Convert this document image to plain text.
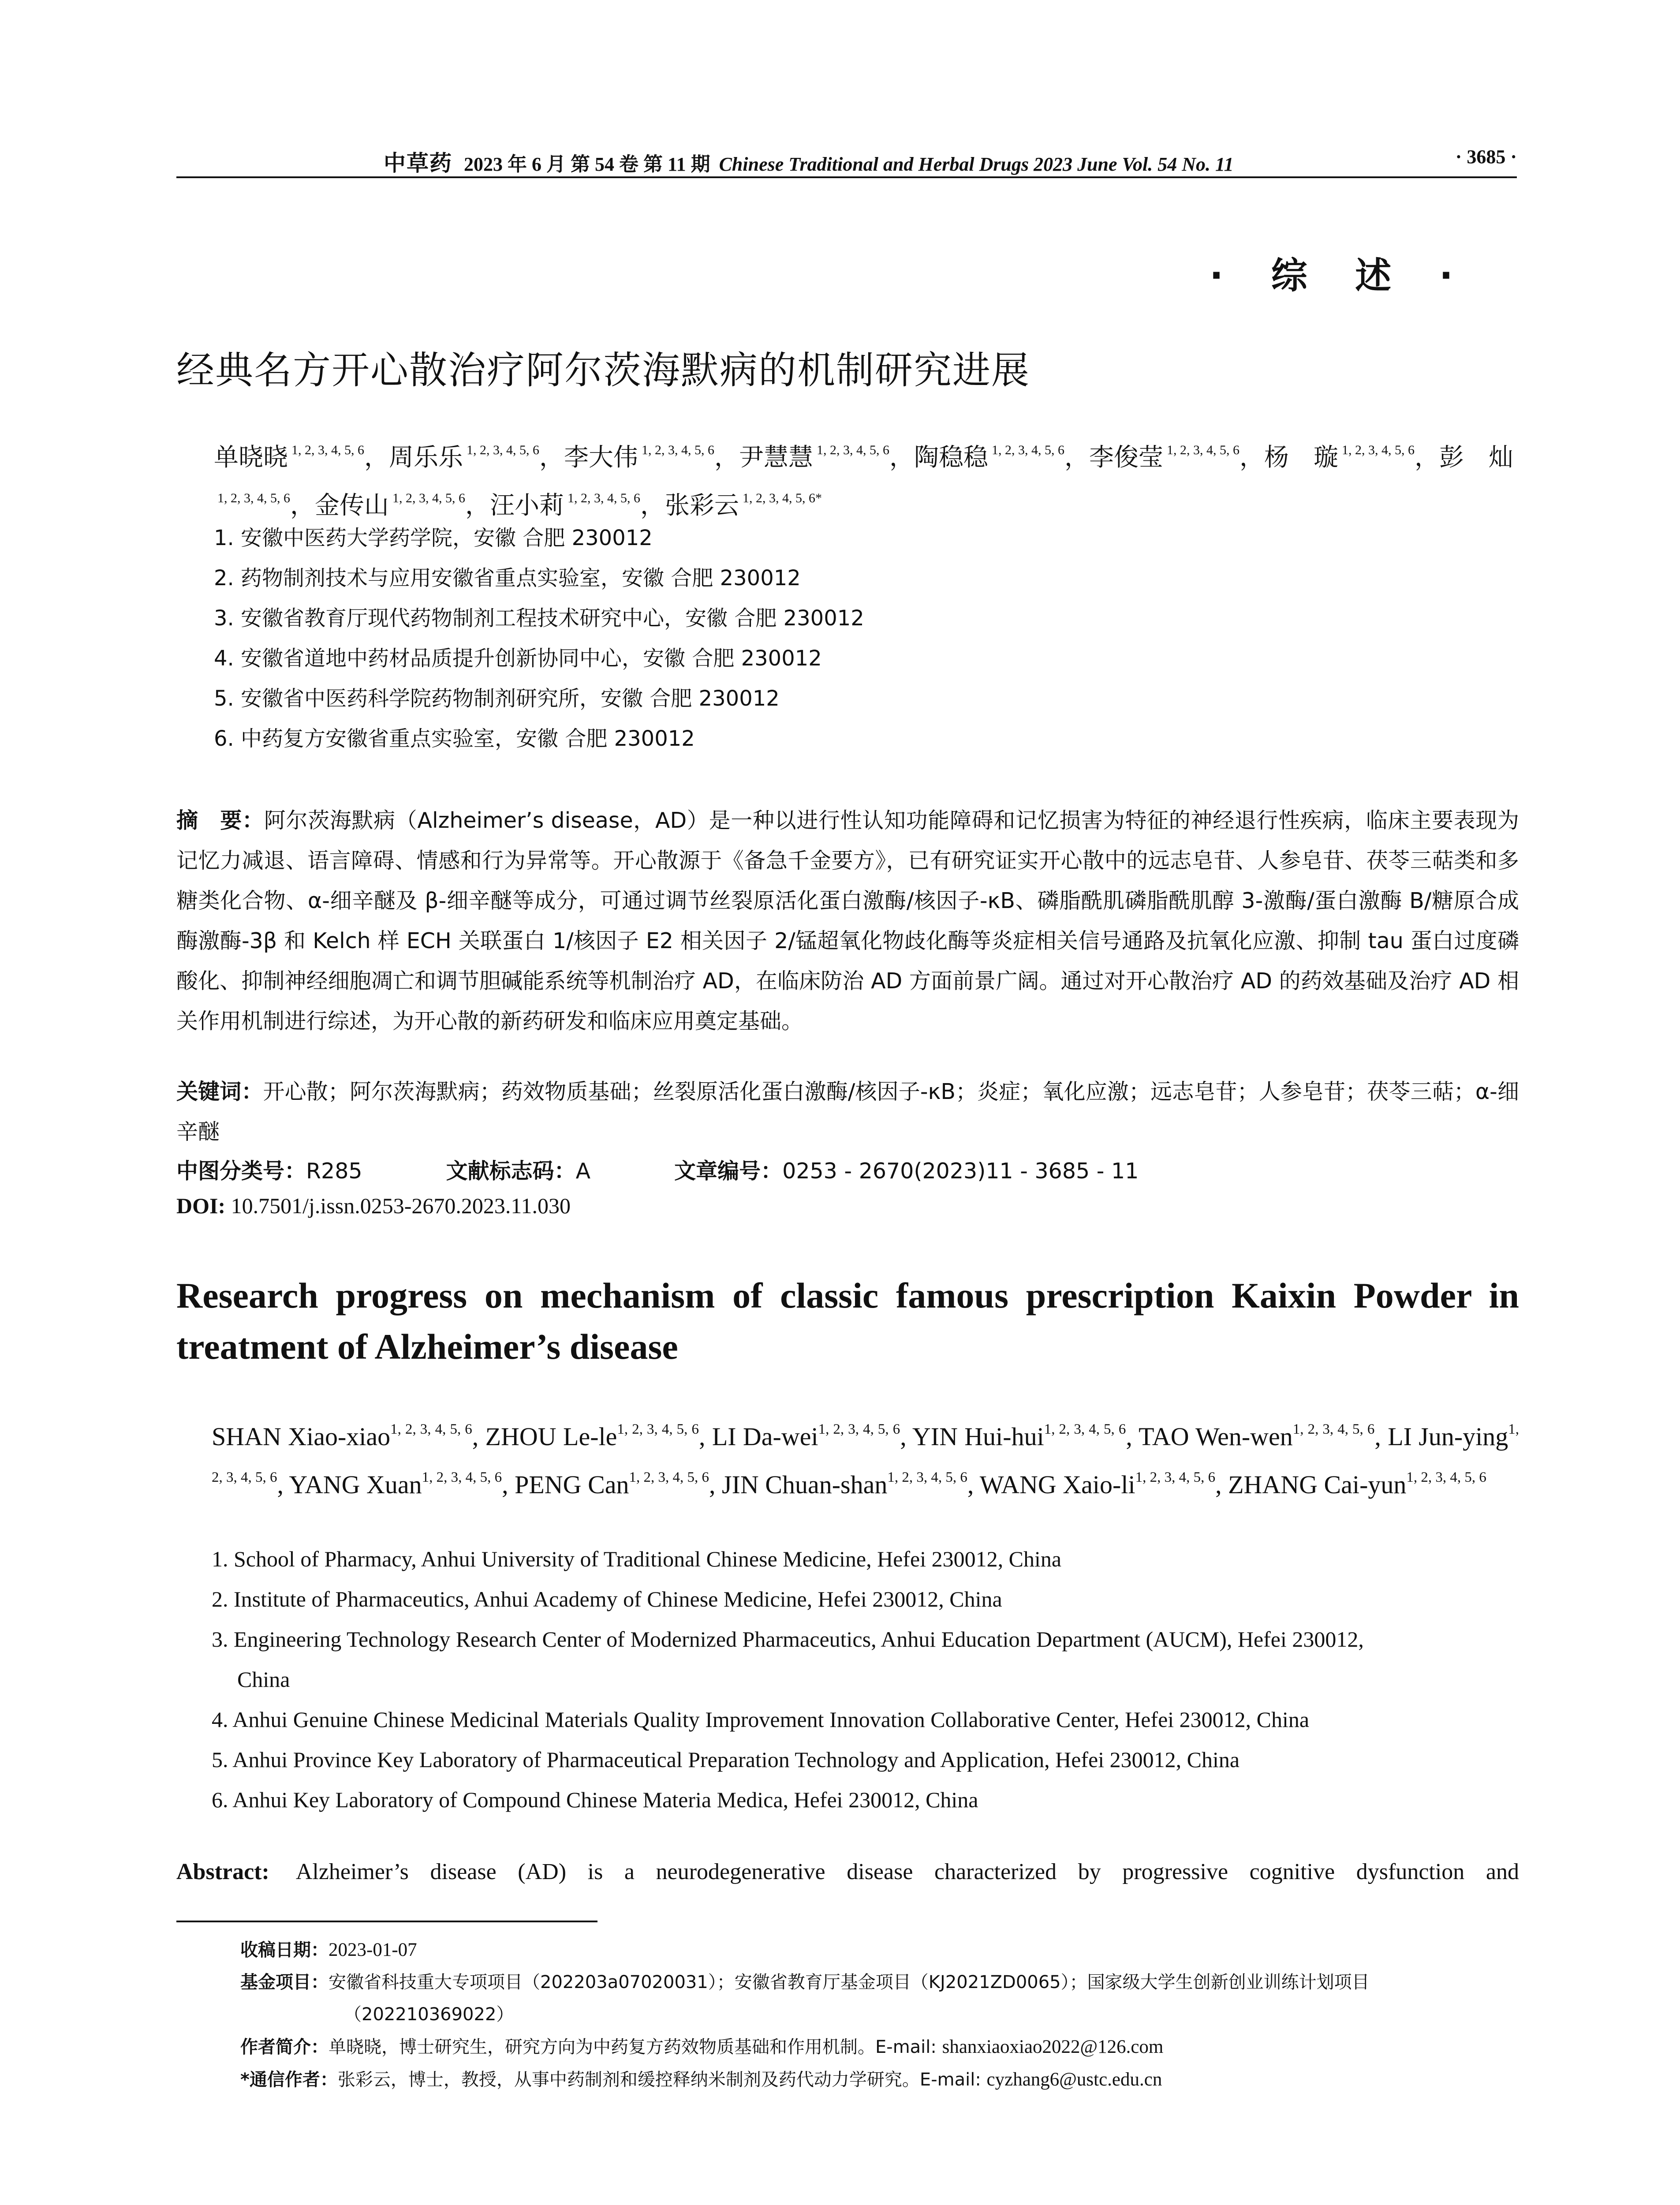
中草药 2023 年 6 月 第 54 卷 第 11 期 Chinese Traditional and Herbal Drugs 2023 June Vol. 54 No. 11	· 3685 ·
· 综 述 ·
经典名方开心散治疗阿尔茨海默病的机制研究进展
单晓晓 $^{1, 2, 3, 4, 5, 6}$，周乐乐 $^{1, 2, 3, 4, 5, 6}$，李大伟 $^{1, 2, 3, 4, 5, 6}$，尹慧慧 $^{1, 2, 3, 4, 5, 6}$，陶稳稳 $^{1, 2, 3, 4, 5, 6}$，李俊莹 $^{1, 2, 3, 4, 5, 6}$，杨　璇 $^{1, 2, 3, 4, 5, 6}$，彭　灿$^{1, 2, 3, 4, 5, 6}$，金传山 $^{1, 2, 3, 4, 5, 6}$，汪小莉 $^{1, 2, 3, 4, 5, 6}$，张彩云 $^{1, 2, 3, 4, 5, 6*}$
1. 安徽中医药大学药学院，安徽 合肥 230012
2. 药物制剂技术与应用安徽省重点实验室，安徽 合肥 230012
3. 安徽省教育厅现代药物制剂工程技术研究中心，安徽 合肥 230012
4. 安徽省道地中药材品质提升创新协同中心，安徽 合肥 230012
5. 安徽省中医药科学院药物制剂研究所，安徽 合肥 230012
6. 中药复方安徽省重点实验室，安徽 合肥 230012
摘　要：阿尔茨海默病（Alzheimer’s disease，AD）是一种以进行性认知功能障碍和记忆损害为特征的神经退行性疾病，临床主要表现为记忆力减退、语言障碍、情感和行为异常等。开心散源于《备急千金要方》，已有研究证实开心散中的远志皂苷、人参皂苷、茯苓三萜类和多糖类化合物、α-细辛醚及 β-细辛醚等成分，可通过调节丝裂原活化蛋白激酶/核因子-κB、磷脂酰肌磷脂酰肌醇 3-激酶/蛋白激酶 B/糖原合成酶激酶-3β 和 Kelch 样 ECH 关联蛋白 1/核因子 E2 相关因子 2/锰超氧化物歧化酶等炎症相关信号通路及抗氧化应激、抑制 tau 蛋白过度磷酸化、抑制神经细胞凋亡和调节胆碱能系统等机制治疗 AD，在临床防治 AD 方面前景广阔。通过对开心散治疗 AD 的药效基础及治疗 AD 相关作用机制进行综述，为开心散的新药研发和临床应用奠定基础。
关键词：开心散；阿尔茨海默病；药效物质基础；丝裂原活化蛋白激酶/核因子-κB；炎症；氧化应激；远志皂苷；人参皂苷；茯苓三萜；α-细辛醚
中图分类号：R285	文献标志码：A	文章编号：0253 - 2670(2023)11 - 3685 - 11
DOI: 10.7501/j.issn.0253-2670.2023.11.030
Research progress on mechanism of classic famous prescription Kaixin Powder in treatment of Alzheimer’s disease
SHAN Xiao-xiao$^{1, 2, 3, 4, 5, 6}$, ZHOU Le-le$^{1, 2, 3, 4, 5, 6}$, LI Da-wei$^{1, 2, 3, 4, 5, 6}$, YIN Hui-hui$^{1, 2, 3, 4, 5, 6}$, TAO Wen-wen$^{1, 2, 3, 4, 5, 6}$, LI Jun-ying$^{1, 2, 3, 4, 5, 6}$, YANG Xuan$^{1, 2, 3, 4, 5, 6}$, PENG Can$^{1, 2, 3, 4, 5, 6}$, JIN Chuan-shan$^{1, 2, 3, 4, 5, 6}$, WANG Xaio-li$^{1, 2, 3, 4, 5, 6}$, ZHANG Cai-yun$^{1, 2, 3, 4, 5, 6}$
1. School of Pharmacy, Anhui University of Traditional Chinese Medicine, Hefei 230012, China
2. Institute of Pharmaceutics, Anhui Academy of Chinese Medicine, Hefei 230012, China
3. Engineering Technology Research Center of Modernized Pharmaceutics, Anhui Education Department (AUCM), Hefei 230012,
China
4. Anhui Genuine Chinese Medicinal Materials Quality Improvement Innovation Collaborative Center, Hefei 230012, China
5. Anhui Province Key Laboratory of Pharmaceutical Preparation Technology and Application, Hefei 230012, China
6. Anhui Key Laboratory of Compound Chinese Materia Medica, Hefei 230012, China
Abstract: Alzheimer’s disease (AD) is a neurodegenerative disease characterized by progressive cognitive dysfunction and
收稿日期：2023-01-07
基金项目：安徽省科技重大专项项目（202203a07020031）；安徽省教育厅基金项目（KJ2021ZD0065）；国家级大学生创新创业训练计划项目
（202210369022）
作者简介：单晓晓，博士研究生，研究方向为中药复方药效物质基础和作用机制。E-mail: shanxiaoxiao2022@126.com
*通信作者：张彩云，博士，教授，从事中药制剂和缓控释纳米制剂及药代动力学研究。E-mail: cyzhang6@ustc.edu.cn
